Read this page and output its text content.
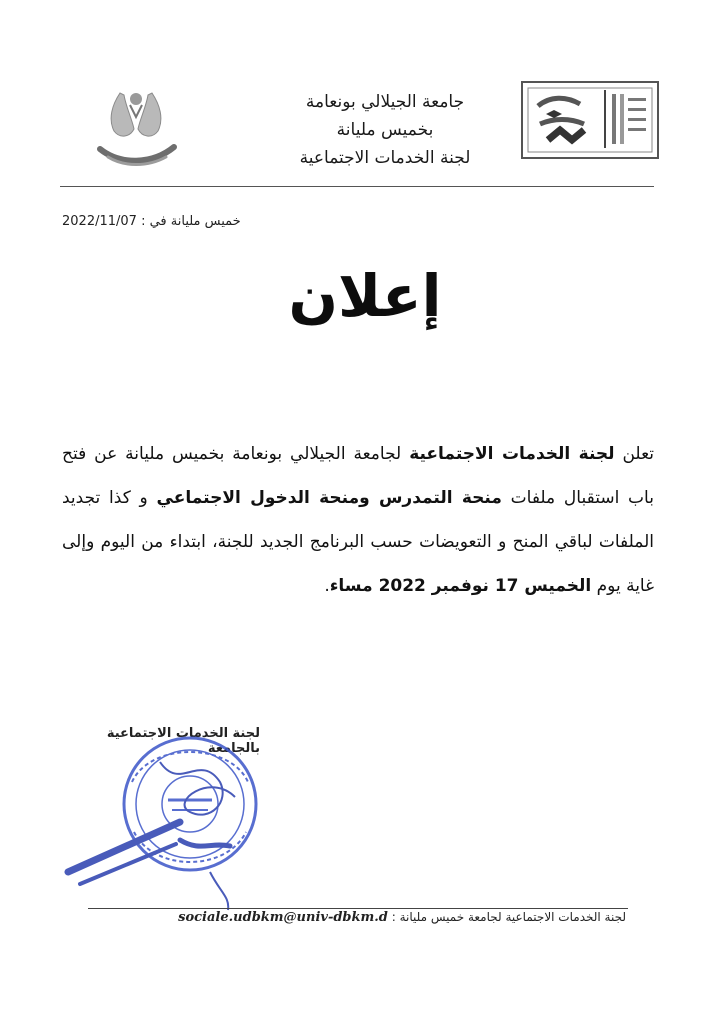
جامعة الجيلالي بونعامة
بخميس مليانة
لجنة الخدمات الاجتماعية
خميس مليانة في : 2022/11/07
إعلان
تعلن لجنة الخدمات الاجتماعية لجامعة الجيلالي بونعامة بخميس مليانة عن فتح باب استقبال ملفات منحة التمدرس ومنحة الدخول الاجتماعي و كذا تجديد الملفات لباقي المنح و التعويضات حسب البرنامج الجديد للجنة، ابتداء من اليوم وإلى غاية يوم الخميس 17 نوفمبر 2022 مساء.
لجنة الخدمات الاجتماعية بالجامعة
لجنة الخدمات الاجتماعية لجامعة خميس مليانة : sociale.udbkm@univ-dbkm.d
